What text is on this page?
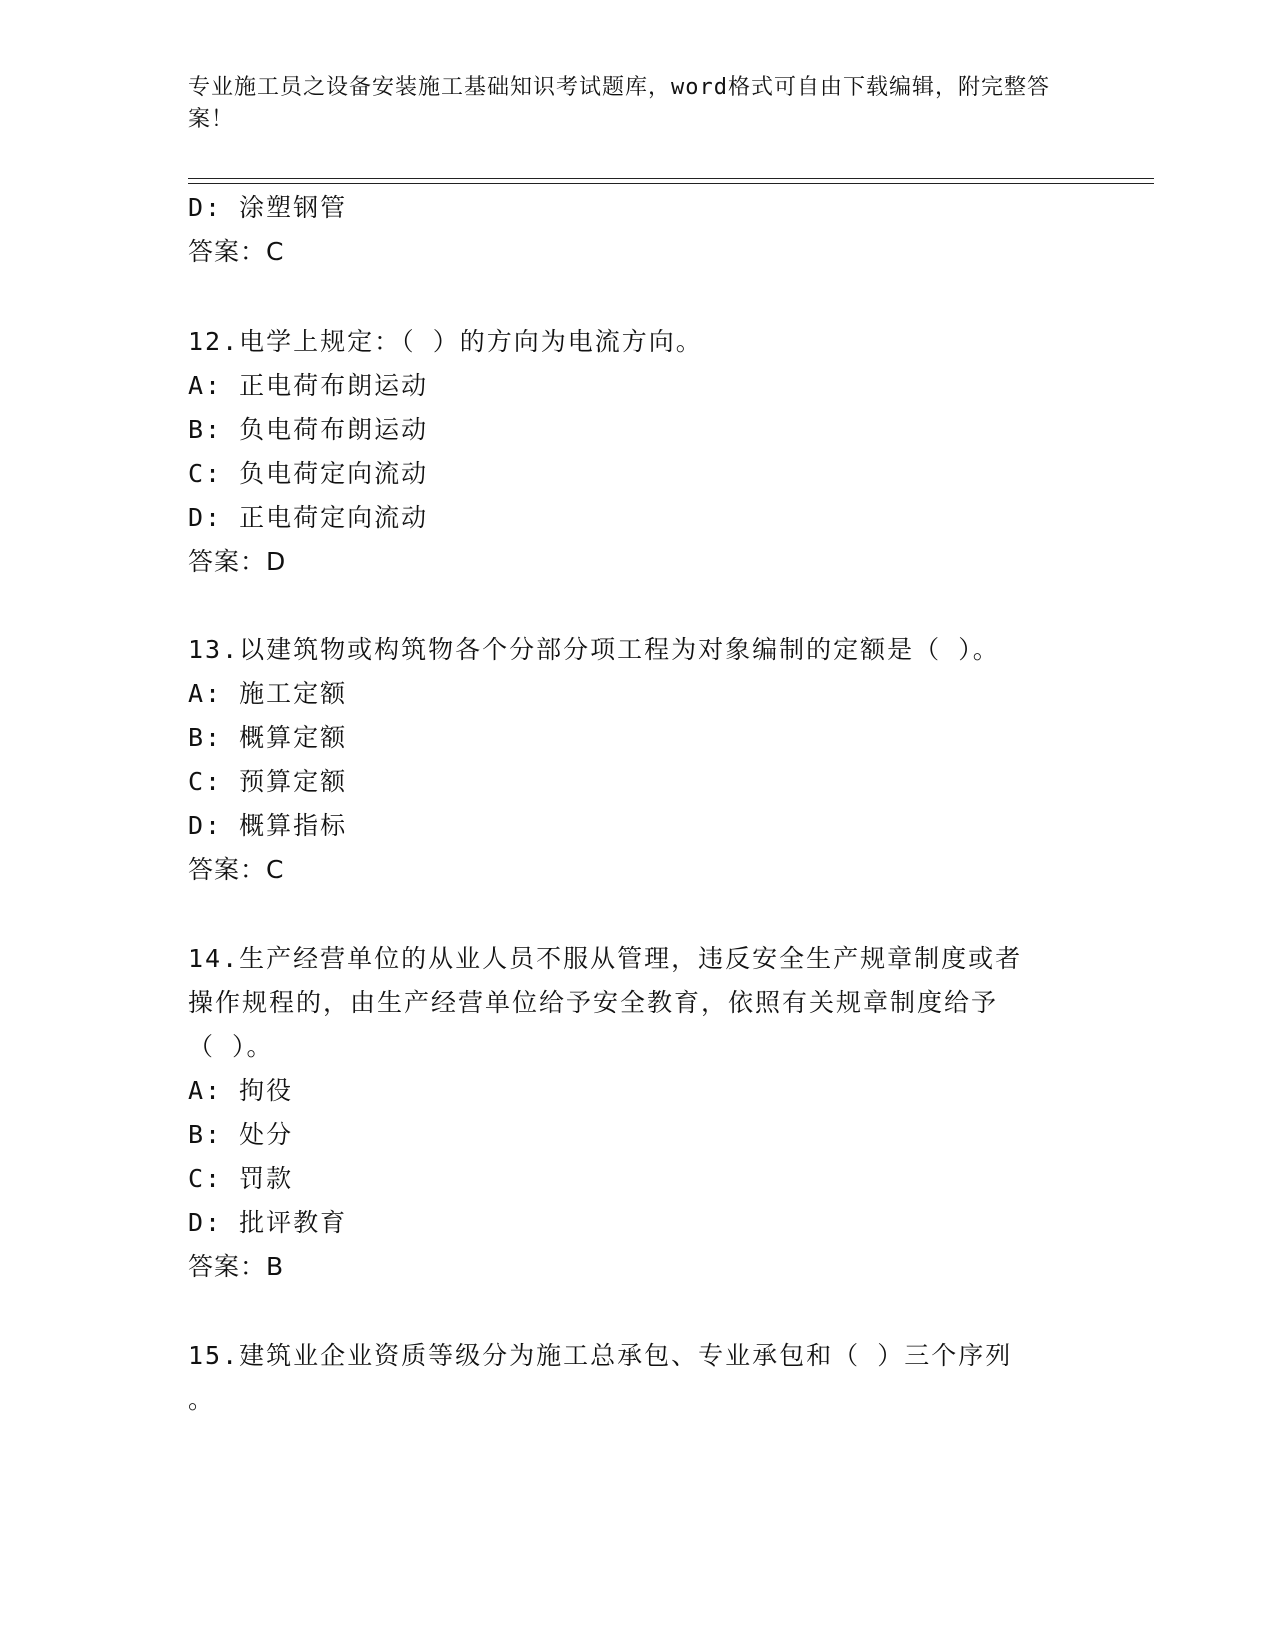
专业施工员之设备安装施工基础知识考试题库，word格式可自由下载编辑，附完整答案！
D: 涂塑钢管
答案：C
12.电学上规定：（ ）的方向为电流方向。
A: 正电荷布朗运动
B: 负电荷布朗运动
C: 负电荷定向流动
D: 正电荷定向流动
答案：D
13.以建筑物或构筑物各个分部分项工程为对象编制的定额是（ ）。
A: 施工定额
B: 概算定额
C: 预算定额
D: 概算指标
答案：C
14.生产经营单位的从业人员不服从管理，违反安全生产规章制度或者
操作规程的，由生产经营单位给予安全教育，依照有关规章制度给予
（ ）。
A: 拘役
B: 处分
C: 罚款
D: 批评教育
答案：B
15.建筑业企业资质等级分为施工总承包、专业承包和（ ）三个序列
。
